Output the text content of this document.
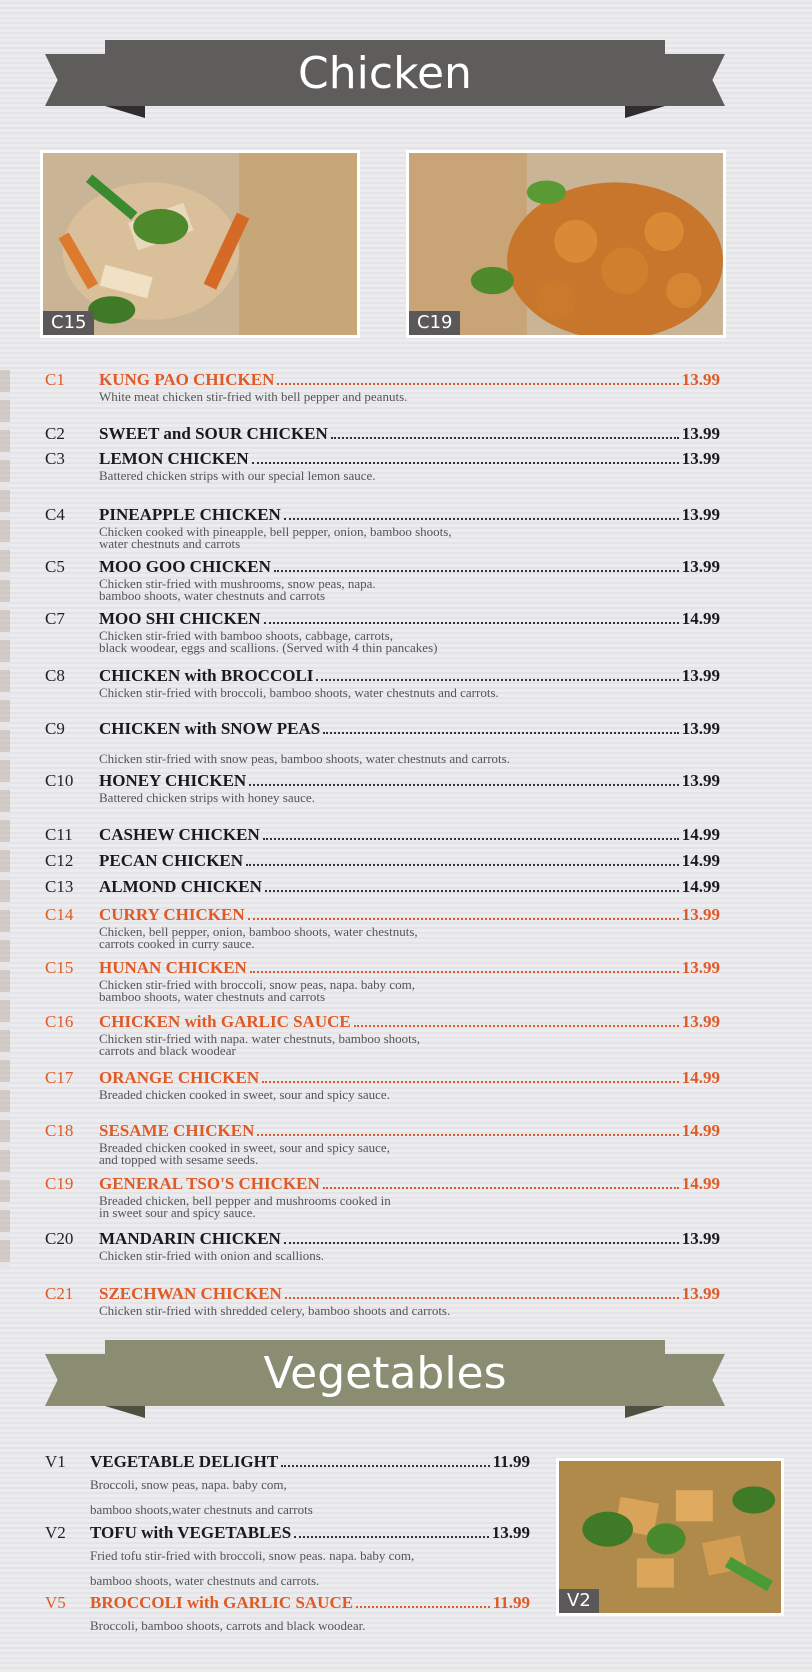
Chicken
C15	C19
C1 KUNG PAO CHICKEN	13.99
White meat chicken stir-fried with bell pepper and peanuts.
C2 SWEET and SOUR CHICKEN	13.99
C3 LEMON CHICKEN	13.99
Battered chicken strips with our special lemon sauce.
C4 PINEAPPLE CHICKEN	13.99
Chicken cooked with pineapple, bell pepper, onion, bamboo shoots,
water chestnuts and carrots
C5 MOO GOO CHICKEN	13.99
Chicken stir-fried with mushrooms, snow peas, napa.
bamboo shoots, water chestnuts and carrots
C7 MOO SHI CHICKEN	14.99
Chicken stir-fried with bamboo shoots, cabbage, carrots,
black woodear, eggs and scallions. (Served with 4 thin pancakes)
C8 CHICKEN with BROCCOLI	13.99
Chicken stir-fried with broccoli, bamboo shoots, water chestnuts and carrots.
C9 CHICKEN with SNOW PEAS	13.99
Chicken stir-fried with snow peas, bamboo shoots, water chestnuts and carrots.
C10 HONEY CHICKEN	13.99
Battered chicken strips with honey sauce.
C11 CASHEW CHICKEN	14.99
C12 PECAN CHICKEN	14.99
C13 ALMOND CHICKEN	14.99
C14 CURRY CHICKEN	13.99
Chicken, bell pepper, onion, bamboo shoots, water chestnuts,
carrots cooked in curry sauce.
C15 HUNAN CHICKEN	13.99
Chicken stir-fried with broccoli, snow peas, napa. baby com,
bamboo shoots, water chestnuts and carrots
C16 CHICKEN with GARLIC SAUCE	13.99
Chicken stir-fried with napa. water chestnuts, bamboo shoots,
carrots and black woodear
C17 ORANGE CHICKEN	14.99
Breaded chicken cooked in sweet, sour and spicy sauce.
C18 SESAME CHICKEN	14.99
Breaded chicken cooked in sweet, sour and spicy sauce,
and topped with sesame seeds.
C19 GENERAL TSO'S CHICKEN	14.99
Breaded chicken, bell pepper and mushrooms cooked in
in sweet sour and spicy sauce.
C20 MANDARIN CHICKEN	13.99
Chicken stir-fried with onion and scallions.
C21 SZECHWAN CHICKEN	13.99
Chicken stir-fried with shredded celery, bamboo shoots and carrots.
Vegetables
V2
V1 VEGETABLE DELIGHT	11.99
Broccoli, snow peas, napa. baby com,
bamboo shoots,water chestnuts and carrots
V2 TOFU with VEGETABLES	13.99
Fried tofu stir-fried with broccoli, snow peas. napa. baby com,
bamboo shoots, water chestnuts and carrots.
V5 BROCCOLI with GARLIC SAUCE	11.99
Broccoli, bamboo shoots, carrots and black woodear.
